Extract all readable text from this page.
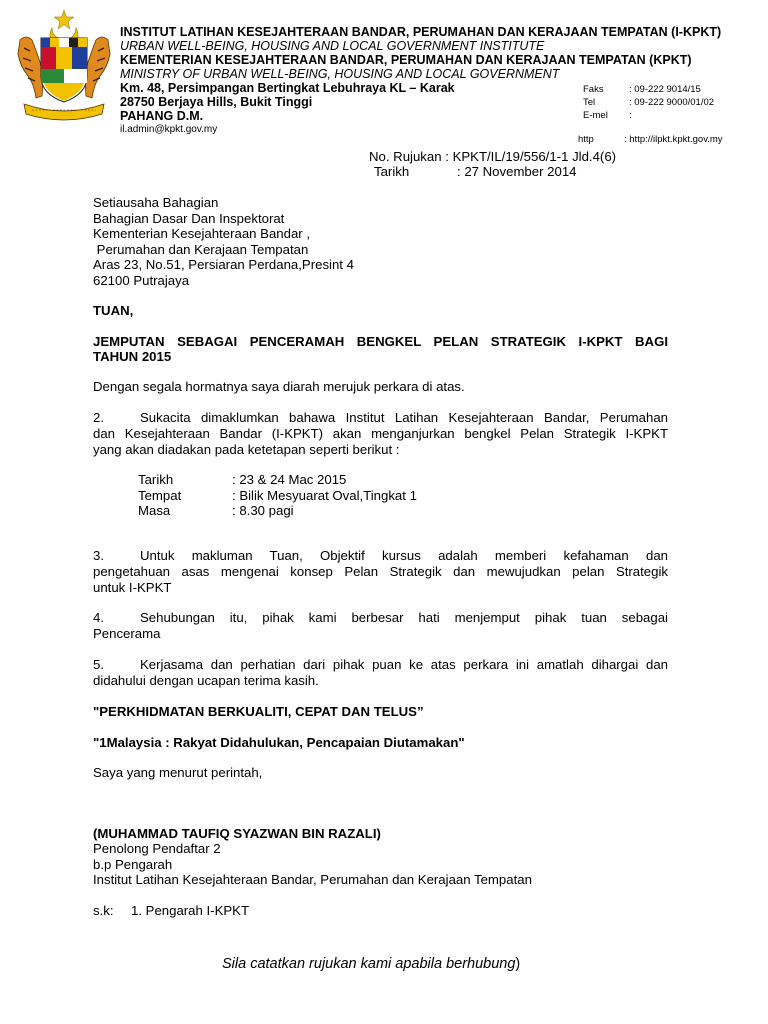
INSTITUT LATIHAN KESEJAHTERAAN BANDAR, PERUMAHAN DAN KERAJAAN TEMPATAN (I-KPKT)
URBAN WELL-BEING, HOUSING AND LOCAL GOVERNMENT INSTITUTE
KEMENTERIAN KESEJAHTERAAN BANDAR, PERUMAHAN DAN KERAJAAN TEMPATAN (KPKT)
MINISTRY OF URBAN WELL-BEING, HOUSING AND LOCAL GOVERNMENT
Km. 48, Persimpangan Bertingkat Lebuhraya KL – Karak
28750 Berjaya Hills, Bukit Tinggi
PAHANG D.M.
il.admin@kpkt.gov.my
Faks	: 09-222 9014/15
Tel	: 09-222 9000/01/02
E-mel :
http	: http://ilpkt.kpkt.gov.my
No. Rujukan : KPKT/IL/19/556/1-1 Jld.4(6)
Tarikh	: 27 November 2014
Setiausaha Bahagian
Bahagian Dasar Dan Inspektorat
Kementerian Kesejahteraan Bandar ,
Perumahan dan Kerajaan Tempatan
Aras 23, No.51, Persiaran Perdana,Presint 4
62100 Putrajaya
TUAN,
JEMPUTAN SEBAGAI PENCERAMAH BENGKEL PELAN STRATEGIK I-KPKT BAGI
TAHUN 2015
Dengan segala hormatnya saya diarah merujuk perkara di atas.
2.	Sukacita dimaklumkan bahawa Institut Latihan Kesejahteraan Bandar, Perumahan
dan Kesejahteraan Bandar (I-KPKT) akan menganjurkan bengkel Pelan Strategik I-KPKT
yang akan diadakan pada ketetapan seperti berikut :
Tarikh	: 23 & 24 Mac 2015
Tempat	: Bilik Mesyuarat Oval,Tingkat 1
Masa	: 8.30 pagi
3.	Untuk makluman Tuan, Objektif kursus adalah memberi kefahaman dan
pengetahuan asas mengenai konsep Pelan Strategik dan mewujudkan pelan Strategik
untuk I-KPKT
4.	Sehubungan itu, pihak kami berbesar hati menjemput pihak tuan sebagai
Pencerama
5.	Kerjasama dan perhatian dari pihak puan ke atas perkara ini amatlah dihargai dan
didahului dengan ucapan terima kasih.
"PERKHIDMATAN BERKUALITI, CEPAT DAN TELUS”
"1Malaysia : Rakyat Didahulukan, Pencapaian Diutamakan"
Saya yang menurut perintah,
(MUHAMMAD TAUFIQ SYAZWAN BIN RAZALI)
Penolong Pendaftar 2
b.p Pengarah
Institut Latihan Kesejahteraan Bandar, Perumahan dan Kerajaan Tempatan
s.k: 1. Pengarah I-KPKT
Sila catatkan rujukan kami apabila berhubung)
